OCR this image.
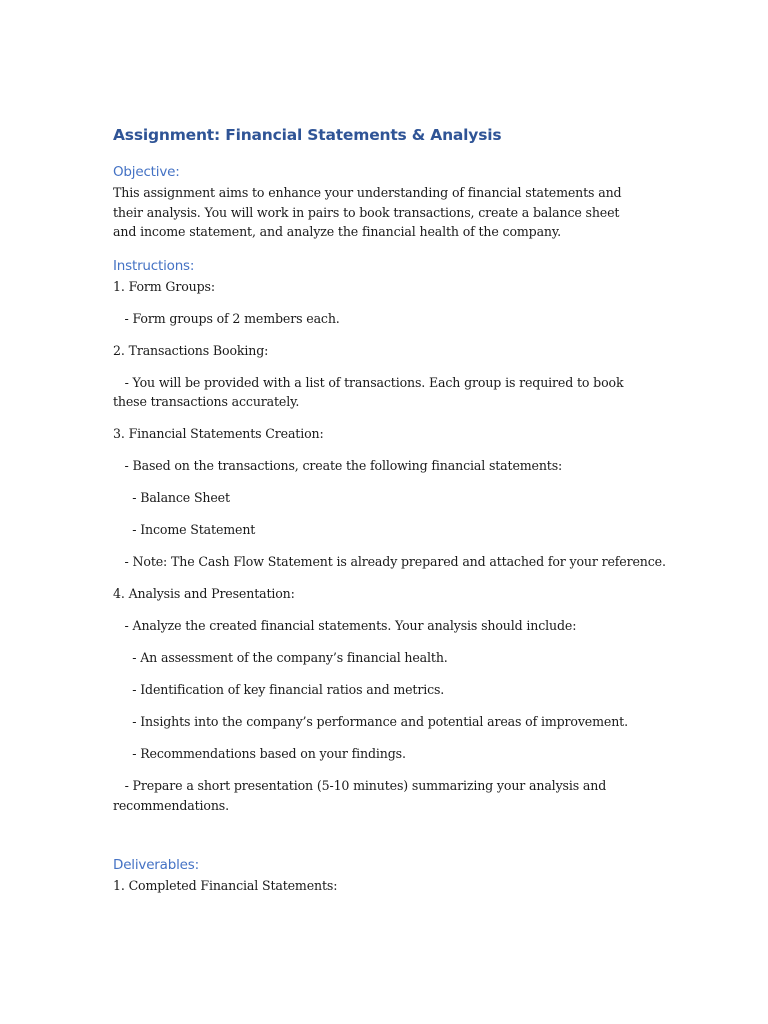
Assignment: Financial Statements & Analysis
Objective:

This assignment aims to enhance your understanding of financial statements and their analysis. You will work in pairs to book transactions, create a balance sheet and income statement, and analyze the financial health of the company.

Instructions:

1. Form Groups:

- Form groups of 2 members each.

2. Transactions Booking:

- You will be provided with a list of transactions. Each group is required to book these transactions accurately.

3. Financial Statements Creation:

- Based on the transactions, create the following financial statements:

- Balance Sheet

- Income Statement

- Note: The Cash Flow Statement is already prepared and attached for your reference.

4. Analysis and Presentation:

- Analyze the created financial statements. Your analysis should include:

- An assessment of the company’s financial health.

- Identification of key financial ratios and metrics.

- Insights into the company’s performance and potential areas of improvement.

- Recommendations based on your findings.

- Prepare a short presentation (5-10 minutes) summarizing your analysis and recommendations.

Deliverables:

1. Completed Financial Statements:
